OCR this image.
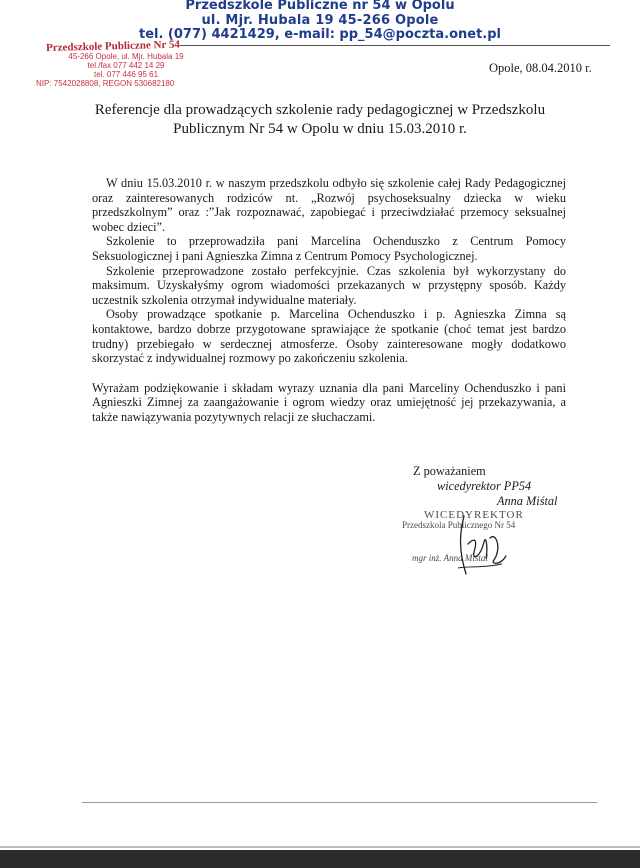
Przedszkole Publiczne nr 54 w Opolu
ul. Mjr. Hubala 19 45-266 Opole
tel. (077) 4421429, e-mail: pp_54@poczta.onet.pl
Przedszkole Publiczne Nr 54
45-266 Opole, ul. Mjr. Hubala 19
tel./fax 077 442 14 29
tel. 077 446 95 61
NIP: 7542028808, REGON 530682180
Opole, 08.04.2010 r.
Referencje dla prowadzących szkolenie rady pedagogicznej w Przedszkolu
Publicznym Nr 54 w Opolu w dniu 15.03.2010 r.

W dniu 15.03.2010 r. w naszym przedszkolu odbyło się szkolenie całej Rady Pedagogicznej oraz zainteresowanych rodziców nt. „Rozwój psychoseksualny dziecka w wieku przedszkolnym” oraz :”Jak rozpoznawać, zapobiegać i przeciwdziałać przemocy seksualnej wobec dzieci”.

Szkolenie to przeprowadziła pani Marcelina Ochenduszko z Centrum Pomocy Seksuologicznej i pani Agnieszka Zimna z Centrum Pomocy Psychologicznej.

Szkolenie przeprowadzone zostało perfekcyjnie. Czas szkolenia był wykorzystany do maksimum. Uzyskałyśmy ogrom wiadomości przekazanych w przystępny sposób. Każdy uczestnik szkolenia otrzymał indywidualne materiały.

Osoby prowadzące spotkanie p. Marcelina Ochenduszko i p. Agnieszka Zimna są kontaktowe, bardzo dobrze przygotowane sprawiające że spotkanie (choć temat jest bardzo trudny) przebiegało w serdecznej atmosferze. Osoby zainteresowane mogły dodatkowo skorzystać z indywidualnej rozmowy po zakończeniu szkolenia.

Wyrażam podziękowanie i składam wyrazy uznania dla pani Marceliny Ochenduszko i pani Agnieszki Zimnej za zaangażowanie i ogrom wiedzy oraz umiejętność jej przekazywania, a także nawiązywania pozytywnych relacji ze słuchaczami.

Z poważaniem
wicedyrektor PP54
Anna Miśtal
WICEDYREKTOR
Przedszkola Publicznego Nr 54
mgr inż. Anna Miśtal
